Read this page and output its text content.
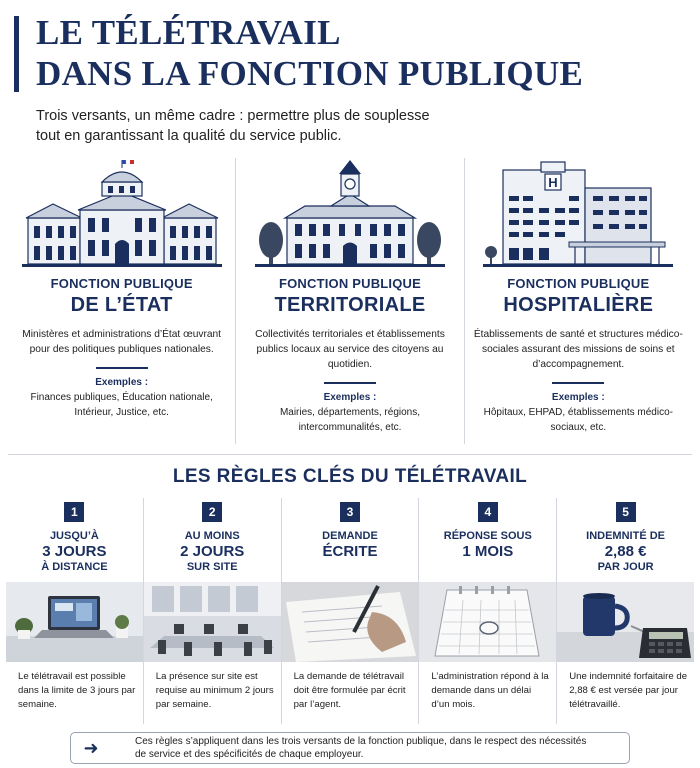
LE TÉLÉTRAVAIL
DANS LA FONCTION PUBLIQUE
Trois versants, un même cadre : permettre plus de souplesse
tout en garantissant la qualité du service public.
FONCTION PUBLIQUE
DE L’ÉTAT
Ministères et administrations d’État œuvrant pour des politiques publiques nationales.
Exemples :
Finances publiques, Éducation nationale, Intérieur, Justice, etc.
FONCTION PUBLIQUE
TERRITORIALE
Collectivités territoriales et établissements publics locaux au service des citoyens au quotidien.
Exemples :
Mairies, départements, régions, intercommunalités, etc.
H
FONCTION PUBLIQUE
HOSPITALIÈRE
Établissements de santé et structures médico-sociales assurant des missions de soins et d’accompagnement.
Exemples :
Hôpitaux, EHPAD, établissements médico-sociaux, etc.
LES RÈGLES CLÉS DU TÉLÉTRAVAIL
1
JUSQU’À
3 JOURS
À DISTANCE
Le télétravail est possible dans la limite de 3 jours par semaine.
2
AU MOINS
2 JOURS
SUR SITE
La présence sur site est requise au minimum 2 jours par semaine.
3
DEMANDE
ÉCRITE
La demande de télétravail doit être formulée par écrit par l’agent.
4
RÉPONSE SOUS
1 MOIS
L’administration répond à la demande dans un délai d’un mois.
5
INDEMNITÉ DE
2,88 €
PAR JOUR
Une indemnité forfaitaire de 2,88 € est versée par jour télétravaillé.
➜	Ces règles s’appliquent dans les trois versants de la fonction publique, dans le respect des nécessités
de service et des spécificités de chaque employeur.
